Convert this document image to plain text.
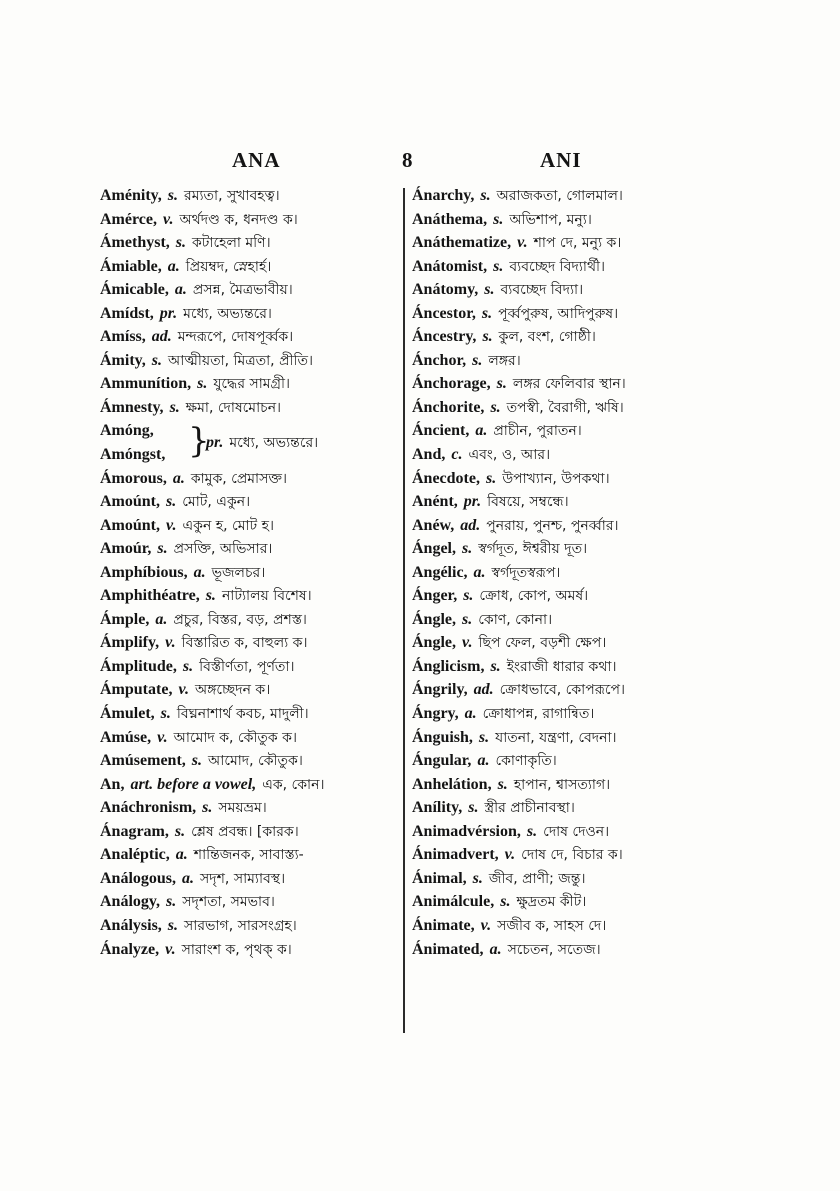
ANA	8	ANI
Aménity, s. রম্যতা, সুখাবহত্ব।
Amérce, v. অর্থদণ্ড ক, ধনদণ্ড ক।
Ámethyst, s. কটাহেলা মণি।
Ámiable, a. প্রিয়ম্বদ, স্নেহার্হ।
Ámicable, a. প্রসন্ন, মৈত্রভাবীয়।
Amídst, pr. মধ্যে, অভ্যন্তরে।
Amíss, ad. মন্দরূপে, দোষপূর্ব্বক।
Ámity, s. আত্মীয়তা, মিত্রতা, প্রীতি।
Ammunítion, s. যুদ্ধের সামগ্রী।
Ámnesty, s. ক্ষমা, দোষমোচন।
Amóng,
Amóngst, }
pr. মধ্যে, অভ্যন্তরে।
Ámorous, a. কামুক, প্রেমাসক্ত।
Amoúnt, s. মোট, একুন।
Amoúnt, v. একুন হ, মোট হ।
Amoúr, s. প্রসক্তি, অভিসার।
Amphíbious, a. ভূজলচর।
Amphithéatre, s. নাট্যালয় বিশেষ।
Ámple, a. প্রচুর, বিস্তর, বড়, প্রশস্ত।
Ámplify, v. বিস্তারিত ক, বাহুল্য ক।
Ámplitude, s. বিস্তীর্ণতা, পূর্ণতা।
Ámputate, v. অঙ্গচ্ছেদন ক।
Ámulet, s. বিঘ্ননাশার্থ কবচ, মাদুলী।
Amúse, v. আমোদ ক, কৌতুক ক।
Amúsement, s. আমোদ, কৌতুক।
An, art. before a vowel, এক, কোন।
Anáchronism, s. সময়ভ্রম।
Ánagram, s. শ্লেষ প্রবন্ধ। [কারক।
Analéptic, a. শান্তিজনক, সাবাস্ত্য-
Análogous, a. সদৃশ, সাম্যাবস্থ।
Análogy, s. সদৃশতা, সমভাব।
Análysis, s. সারভাগ, সারসংগ্রহ।
Ánalyze, v. সারাংশ ক, পৃথক্ ক।
Ánarchy, s. অরাজকতা, গোলমাল।
Anáthema, s. অভিশাপ, মন্যু।
Anáthematize, v. শাপ দে, মন্যু ক।
Anátomist, s. ব্যবচ্ছেদ বিদ্যার্থী।
Anátomy, s. ব্যবচ্ছেদ বিদ্যা।
Áncestor, s. পূর্ব্বপুরুষ, আদিপুরুষ।
Áncestry, s. কুল, বংশ, গোষ্ঠী।
Ánchor, s. লঙ্গর।
Ánchorage, s. লঙ্গর ফেলিবার স্থান।
Ánchorite, s. তপস্বী, বৈরাগী, ঋষি।
Áncient, a. প্রাচীন, পুরাতন।
And, c. এবং, ও, আর।
Ánecdote, s. উপাখ্যান, উপকথা।
Anént, pr. বিষয়ে, সম্বন্ধে।
Anéw, ad. পুনরায়, পুনশ্চ, পুনর্ব্বার।
Ángel, s. স্বর্গদূত, ঈশ্বরীয় দূত।
Angélic, a. স্বর্গদূতস্বরূপ।
Ánger, s. ক্রোধ, কোপ, অমর্ষ।
Ángle, s. কোণ, কোনা।
Ángle, v. ছিপ ফেল, বড়শী ক্ষেপ।
Ánglicism, s. ইংরাজী ধারার কথা।
Ángrily, ad. ক্রোধভাবে, কোপরূপে।
Ángry, a. ক্রোধাপন্ন, রাগান্বিত।
Ánguish, s. যাতনা, যন্ত্রণা, বেদনা।
Ángular, a. কোণাকৃতি।
Anhelátion, s. হাপান, শ্বাসত্যাগ।
Anílity, s. স্ত্রীর প্রাচীনাবস্থা।
Animadvérsion, s. দোষ দেওন।
Ánimadvert, v. দোষ দে, বিচার ক।
Ánimal, s. জীব, প্রাণী; জন্তু।
Animálcule, s. ক্ষুদ্রতম কীট।
Ánimate, v. সজীব ক, সাহস দে।
Ánimated, a. সচেতন, সতেজ।
